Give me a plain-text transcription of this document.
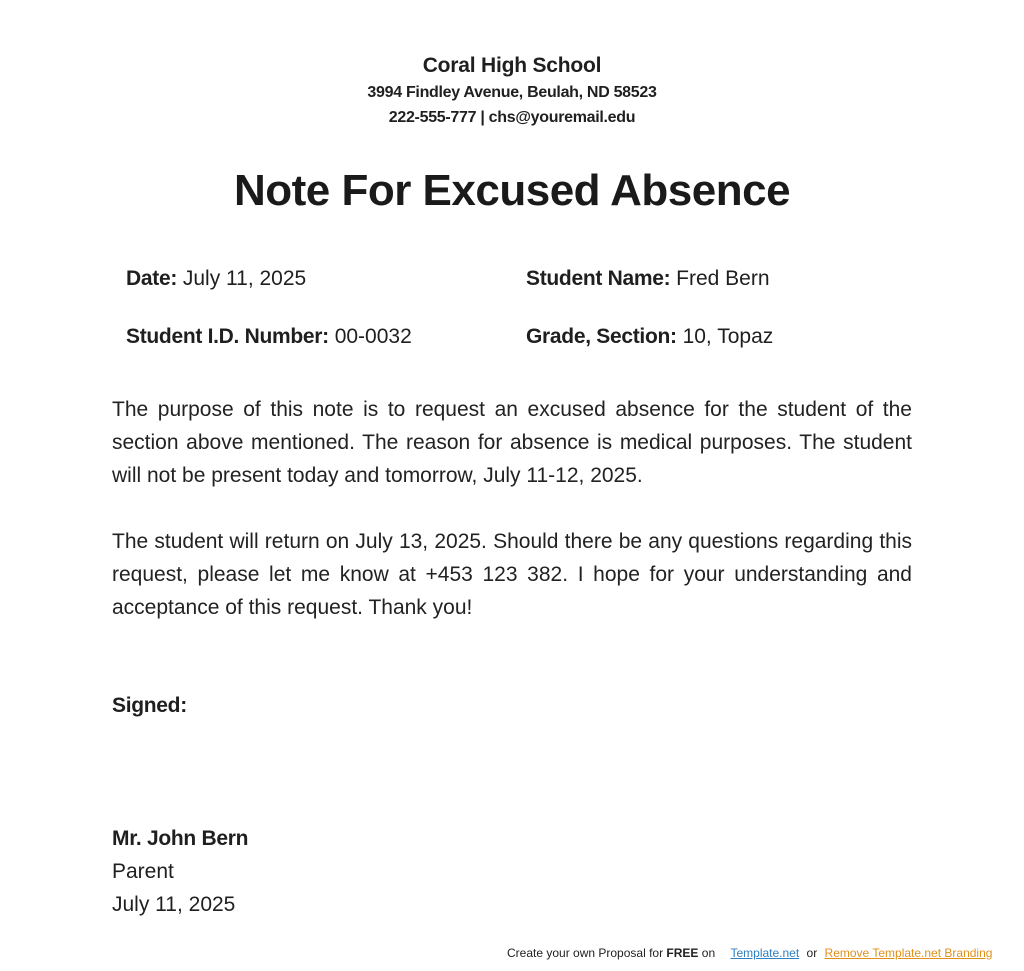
Coral High School
3994 Findley Avenue, Beulah, ND 58523
222-555-777 | chs@youremail.edu
Note For Excused Absence
Date: July 11, 2025	Student Name: Fred Bern
Student I.D. Number: 00-0032	Grade, Section: 10, Topaz
The purpose of this note is to request an excused absence for the student of the section above mentioned. The reason for absence is medical purposes. The student will not be present today and tomorrow, July 11-12, 2025.
The student will return on July 13, 2025. Should there be any questions regarding this request, please let me know at +453 123 382. I hope for your understanding and acceptance of this request. Thank you!
Signed:
Mr. John Bern
Parent
July 11, 2025
Create your own Proposal for FREE on Template.net or Remove Template.net Branding
